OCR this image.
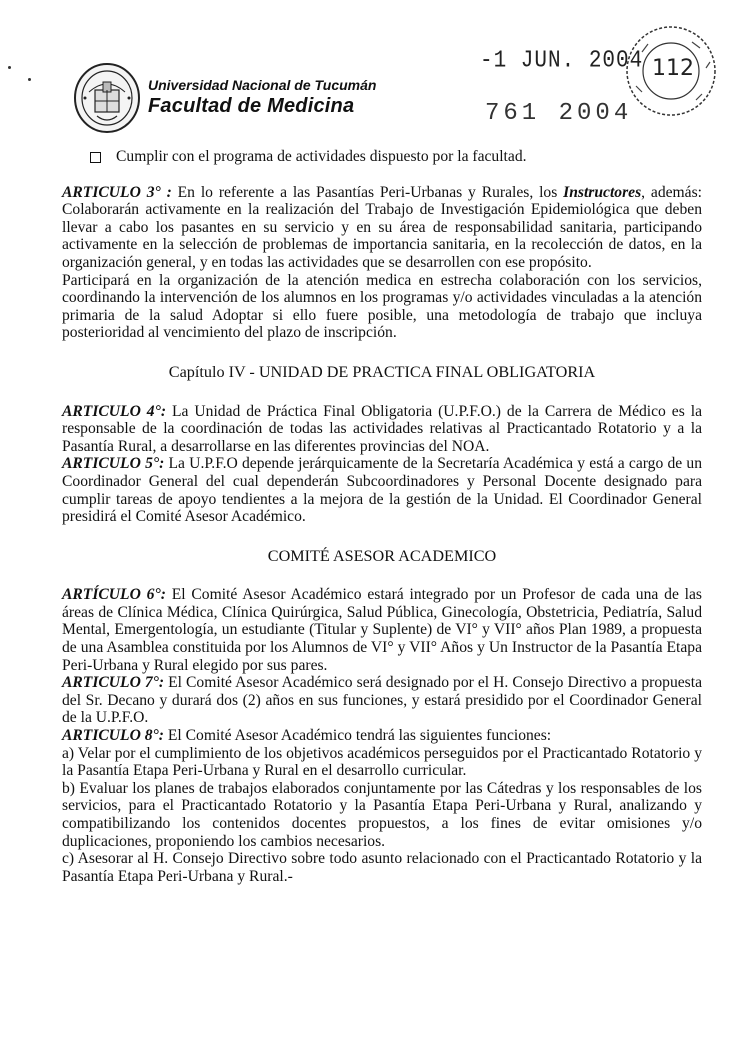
Universidad Nacional de Tucumán
Facultad de Medicina
-1 JUN. 2004
761 2004
112

Cumplir con el programa de actividades dispuesto por la facultad.

ARTICULO 3° : En lo referente a las Pasantías Peri-Urbanas y Rurales, los Instructores, además: Colaborarán activamente en la realización del Trabajo de Investigación Epidemiológica que deben llevar a cabo los pasantes en su servicio y en su área de responsabilidad sanitaria, participando activamente en la selección de problemas de importancia sanitaria, en la recolección de datos, en la organización general, y en todas las actividades que se desarrollen con ese propósito.

Participará en la organización de la atención medica en estrecha colaboración con los servicios, coordinando la intervención de los alumnos en los programas y/o actividades vinculadas a la atención primaria de la salud Adoptar si ello fuere posible, una metodología de trabajo que incluya posterioridad al vencimiento del plazo de inscripción.

Capítulo IV - UNIDAD DE PRACTICA FINAL OBLIGATORIA

ARTICULO 4°: La Unidad de Práctica Final Obligatoria (U.P.F.O.) de la Carrera de Médico es la responsable de la coordinación de todas las actividades relativas al Practicantado Rotatorio y a la Pasantía Rural, a desarrollarse en las diferentes provincias del NOA.

ARTICULO 5°: La U.P.F.O depende jerárquicamente de la Secretaría Académica y está a cargo de un Coordinador General del cual dependerán Subcoordinadores y Personal Docente designado para cumplir tareas de apoyo tendientes a la mejora de la gestión de la Unidad. El Coordinador General presidirá el Comité Asesor Académico.

COMITÉ ASESOR ACADEMICO

ARTÍCULO 6°: El Comité Asesor Académico estará integrado por un Profesor de cada una de las áreas de Clínica Médica, Clínica Quirúrgica, Salud Pública, Ginecología, Obstetricia, Pediatría, Salud Mental, Emergentología, un estudiante (Titular y Suplente) de VI° y VII° años Plan 1989, a propuesta de una Asamblea constituida por los Alumnos de VI° y VII° Años y Un Instructor de la Pasantía Etapa Peri-Urbana y Rural elegido por sus pares.

ARTICULO 7°: El Comité Asesor Académico será designado por el H. Consejo Directivo a propuesta del Sr. Decano y durará dos (2) años en sus funciones, y estará presidido por el Coordinador General de la U.P.F.O.

ARTICULO 8°: El Comité Asesor Académico tendrá las siguientes funciones:

a) Velar por el cumplimiento de los objetivos académicos perseguidos por el Practicantado Rotatorio y la Pasantía Etapa Peri-Urbana y Rural en el desarrollo curricular.

b) Evaluar los planes de trabajos elaborados conjuntamente por las Cátedras y los responsables de los servicios, para el Practicantado Rotatorio y la Pasantía Etapa Peri-Urbana y Rural, analizando y compatibilizando los contenidos docentes propuestos, a los fines de evitar omisiones y/o duplicaciones, proponiendo los cambios necesarios.

c) Asesorar al H. Consejo Directivo sobre todo asunto relacionado con el Practicantado Rotatorio y la Pasantía Etapa Peri-Urbana y Rural.-
